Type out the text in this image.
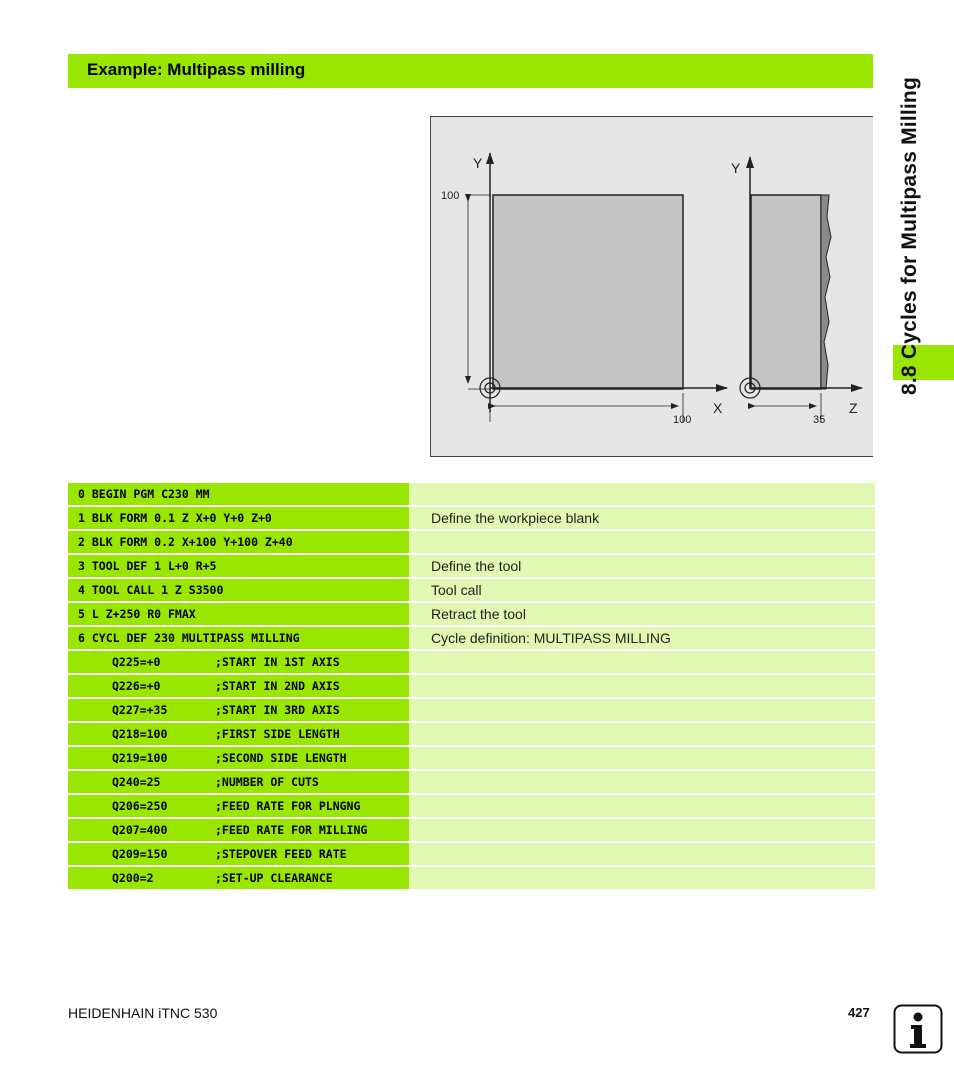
Example: Multipass milling
Y
X
100
100
Y
Z
35
8.8 Cycles for Multipass Milling
0 BEGIN PGM C230 MM
1 BLK FORM 0.1 Z X+0 Y+0 Z+0	Define the workpiece blank
2 BLK FORM 0.2 X+100 Y+100 Z+40
3 TOOL DEF 1 L+0 R+5	Define the tool
4 TOOL CALL 1 Z S3500	Tool call
5 L Z+250 R0 FMAX	Retract the tool
6 CYCL DEF 230 MULTIPASS MILLING	Cycle definition: MULTIPASS MILLING
Q225=+0	;START IN 1ST AXIS
Q226=+0	;START IN 2ND AXIS
Q227=+35	;START IN 3RD AXIS
Q218=100	;FIRST SIDE LENGTH
Q219=100	;SECOND SIDE LENGTH
Q240=25	;NUMBER OF CUTS
Q206=250	;FEED RATE FOR PLNGNG
Q207=400	;FEED RATE FOR MILLING
Q209=150	;STEPOVER FEED RATE
Q200=2	;SET-UP CLEARANCE
HEIDENHAIN iTNC 530	427
